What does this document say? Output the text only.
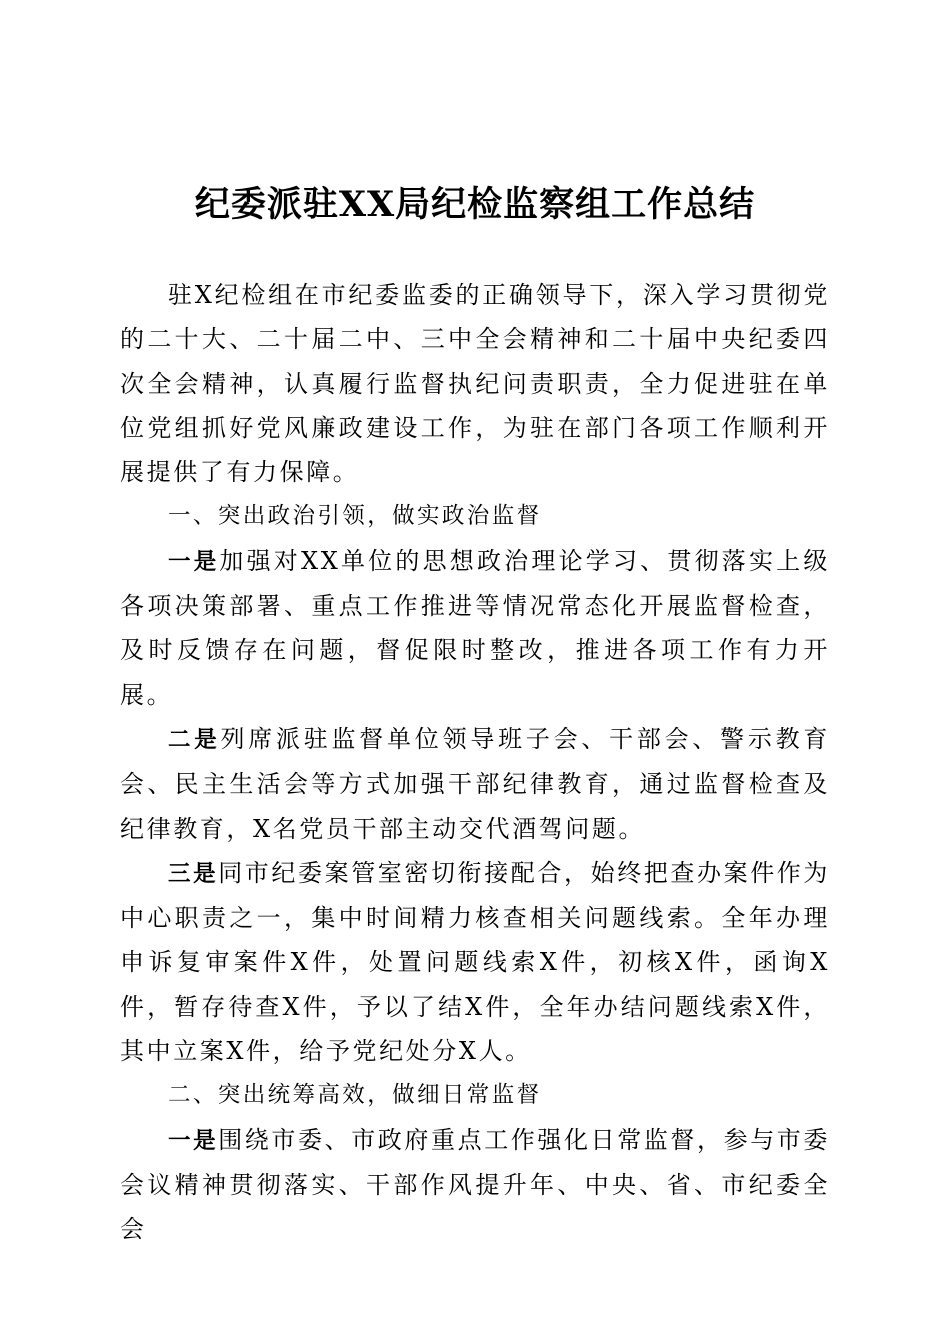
纪委派驻XX局纪检监察组工作总结

驻X纪检组在市纪委监委的正确领导下，深入学习贯彻党的二十大、二十届二中、三中全会精神和二十届中央纪委四次全会精神，认真履行监督执纪问责职责，全力促进驻在单位党组抓好党风廉政建设工作，为驻在部门各项工作顺利开展提供了有力保障。

一、突出政治引领，做实政治监督

一是加强对XX单位的思想政治理论学习、贯彻落实上级各项决策部署、重点工作推进等情况常态化开展监督检查，及时反馈存在问题，督促限时整改，推进各项工作有力开展。

二是列席派驻监督单位领导班子会、干部会、警示教育会、民主生活会等方式加强干部纪律教育，通过监督检查及纪律教育，X名党员干部主动交代酒驾问题。

三是同市纪委案管室密切衔接配合，始终把查办案件作为中心职责之一，集中时间精力核查相关问题线索。全年办理申诉复审案件X件，处置问题线索X件，初核X件，函询X件，暂存待查X件，予以了结X件，全年办结问题线索X件，其中立案X件，给予党纪处分X人。

二、突出统筹高效，做细日常监督

一是围绕市委、市政府重点工作强化日常监督，参与市委会议精神贯彻落实、干部作风提升年、中央、省、市纪委全会
